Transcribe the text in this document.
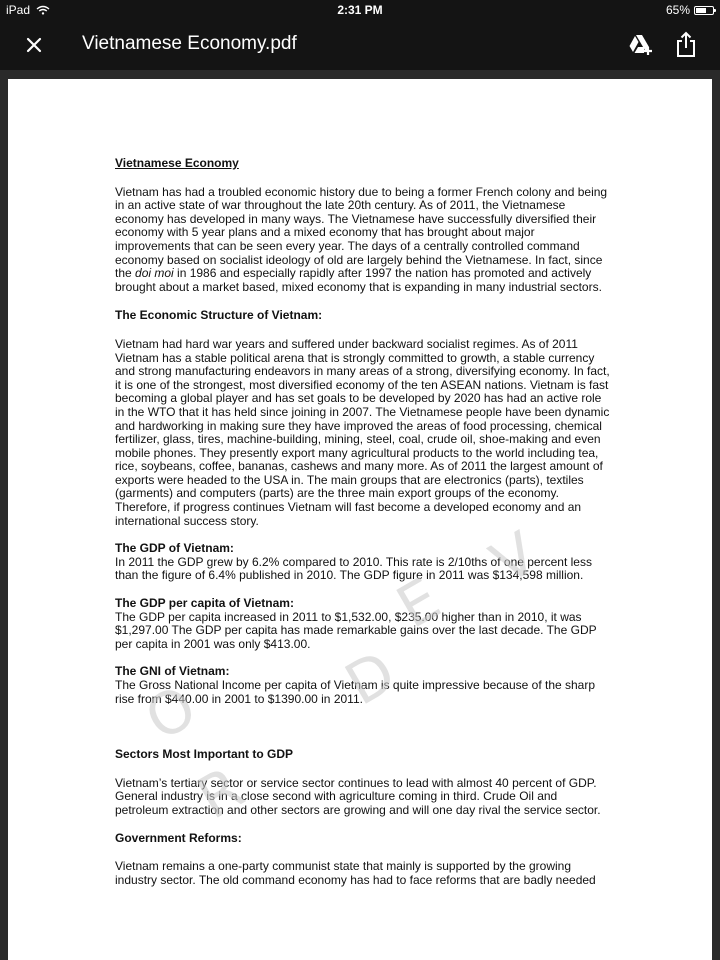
iPad	2:31 PM	65%
Vietnamese Economy.pdf

Vietnamese Economy

Vietnam has had a troubled economic history due to being a former French colony and being in an active state of war throughout the late 20th century. As of 2011, the Vietnamese economy has developed in many ways. The Vietnamese have successfully diversified their economy with 5 year plans and a mixed economy that has brought about major improvements that can be seen every year. The days of a centrally controlled command economy based on socialist ideology of old are largely behind the Vietnamese. In fact, since the doi moi in 1986 and especially rapidly after 1997 the nation has promoted and actively brought about a market based, mixed economy that is expanding in many industrial sectors.

The Economic Structure of Vietnam:

Vietnam had hard war years and suffered under backward socialist regimes. As of 2011 Vietnam has a stable political arena that is strongly committed to growth, a stable currency and strong manufacturing endeavors in many areas of a strong, diversifying economy. In fact, it is one of the strongest, most diversified economy of the ten ASEAN nations. Vietnam is fast becoming a global player and has set goals to be developed by 2020 has had an active role in the WTO that it has held since joining in 2007. The Vietnamese people have been dynamic and hardworking in making sure they have improved the areas of food processing, chemical fertilizer, glass, tires, machine-building, mining, steel, coal, crude oil, shoe-making and even mobile phones. They presently export many agricultural products to the world including tea, rice, soybeans, coffee, bananas, cashews and many more. As of 2011 the largest amount of exports were headed to the USA in. The main groups that are electronics (parts), textiles (garments) and computers (parts) are the three main export groups of the economy. Therefore, if progress continues Vietnam will fast become a developed economy and an international success story.

The GDP of Vietnam:

In 2011 the GDP grew by 6.2% compared to 2010. This rate is 2/10ths of one percent less than the figure of 6.4% published in 2010. The GDP figure in 2011 was $134,598 million.

The GDP per capita of Vietnam:

The GDP per capita increased in 2011 to $1,532.00, $235.00 higher than in 2010, it was $1,297.00 The GDP per capita has made remarkable gains over the last decade. The GDP per capita in 2001 was only $413.00.

The GNI of Vietnam:

The Gross National Income per capita of Vietnam is quite impressive because of the sharp rise from $440.00 in 2001 to $1390.00 in 2011.

Sectors Most Important to GDP

Vietnam’s tertiary sector or service sector continues to lead with almost 40 percent of GDP. General industry is in a close second with agriculture coming in third. Crude Oil and petroleum extraction and other sectors are growing and will one day rival the service sector.

Government Reforms:

Vietnam remains a one-party communist state that mainly is supported by the growing industry sector. The old command economy has had to face reforms that are badly needed

O
R
D
E
V
